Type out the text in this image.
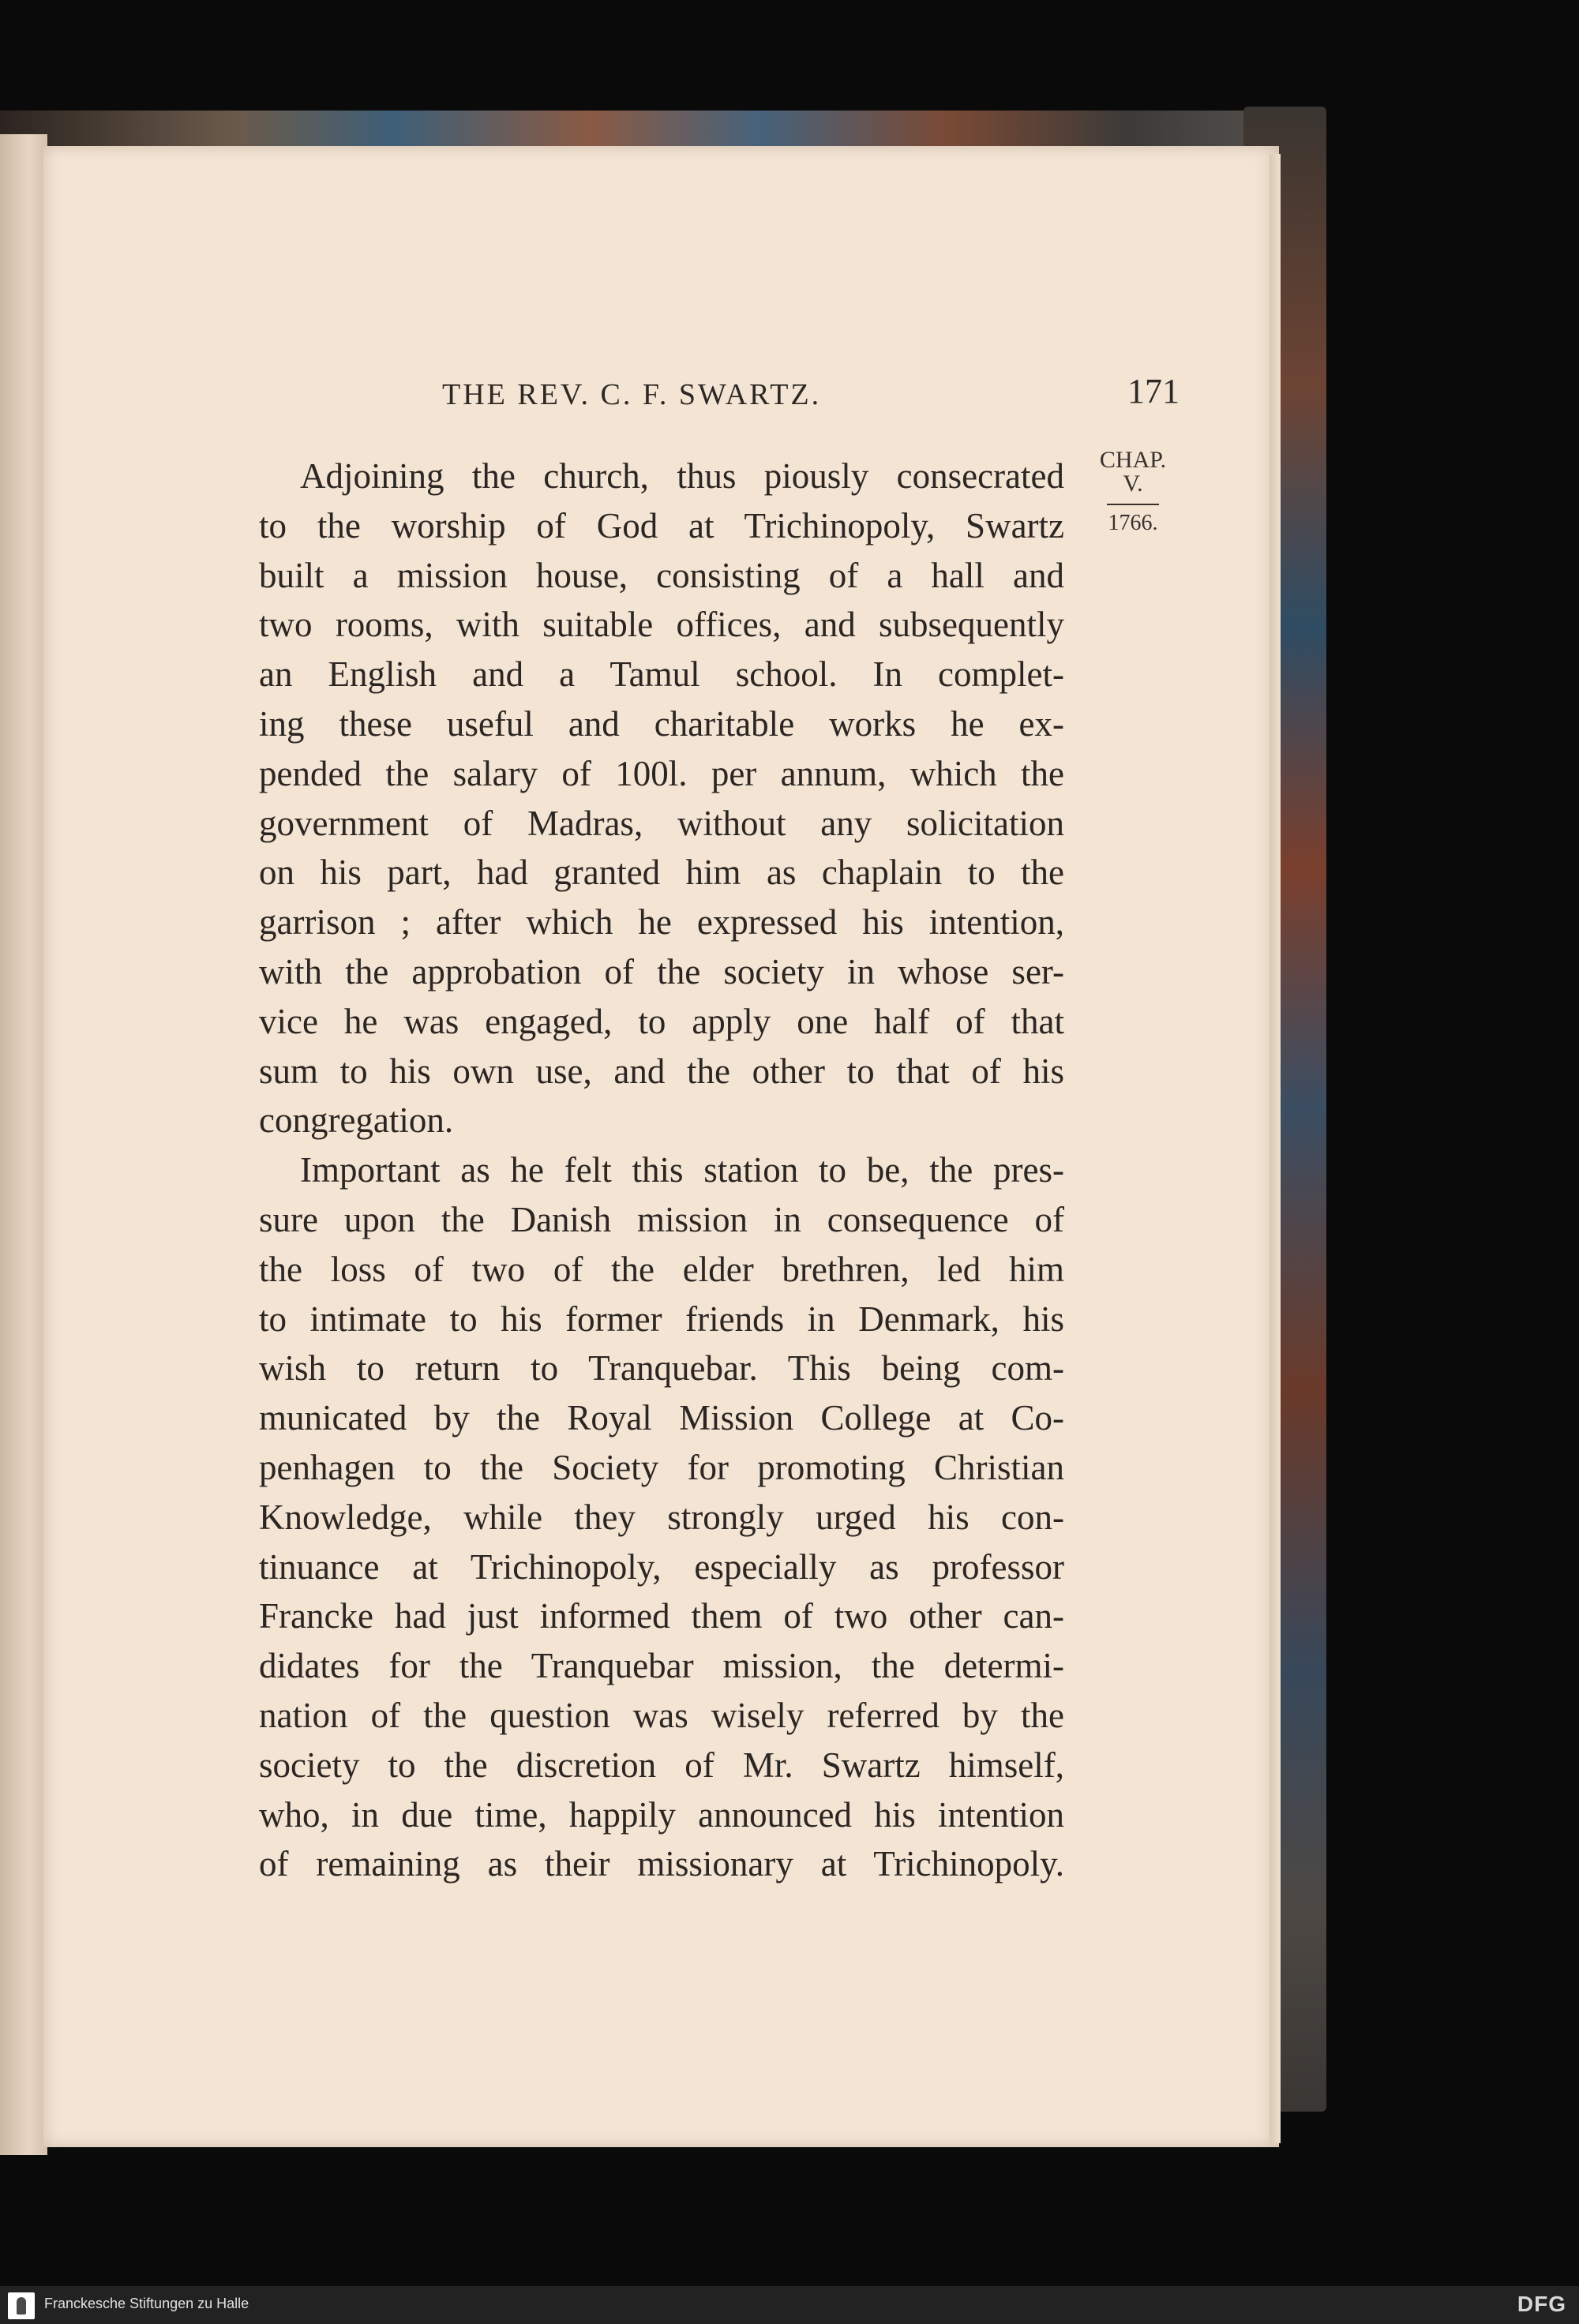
THE REV. C. F. SWARTZ.	171
CHAP.
V.
1766.
Adjoining the church, thus piously consecrated
to the worship of God at Trichinopoly, Swartz
built a mission house, consisting of a hall and
two rooms, with suitable offices, and subsequently
an English and a Tamul school. In complet-
ing these useful and charitable works he ex-
pended the salary of 100l. per annum, which the
government of Madras, without any solicitation
on his part, had granted him as chaplain to the
garrison ; after which he expressed his intention,
with the approbation of the society in whose ser-
vice he was engaged, to apply one half of that
sum to his own use, and the other to that of his
congregation.
Important as he felt this station to be, the pres-
sure upon the Danish mission in consequence of
the loss of two of the elder brethren, led him
to intimate to his former friends in Denmark, his
wish to return to Tranquebar. This being com-
municated by the Royal Mission College at Co-
penhagen to the Society for promoting Christian
Knowledge, while they strongly urged his con-
tinuance at Trichinopoly, especially as professor
Francke had just informed them of two other can-
didates for the Tranquebar mission, the determi-
nation of the question was wisely referred by the
society to the discretion of Mr. Swartz himself,
who, in due time, happily announced his intention
of remaining as their missionary at Trichinopoly.
Franckesche Stiftungen zu Halle	DFG
